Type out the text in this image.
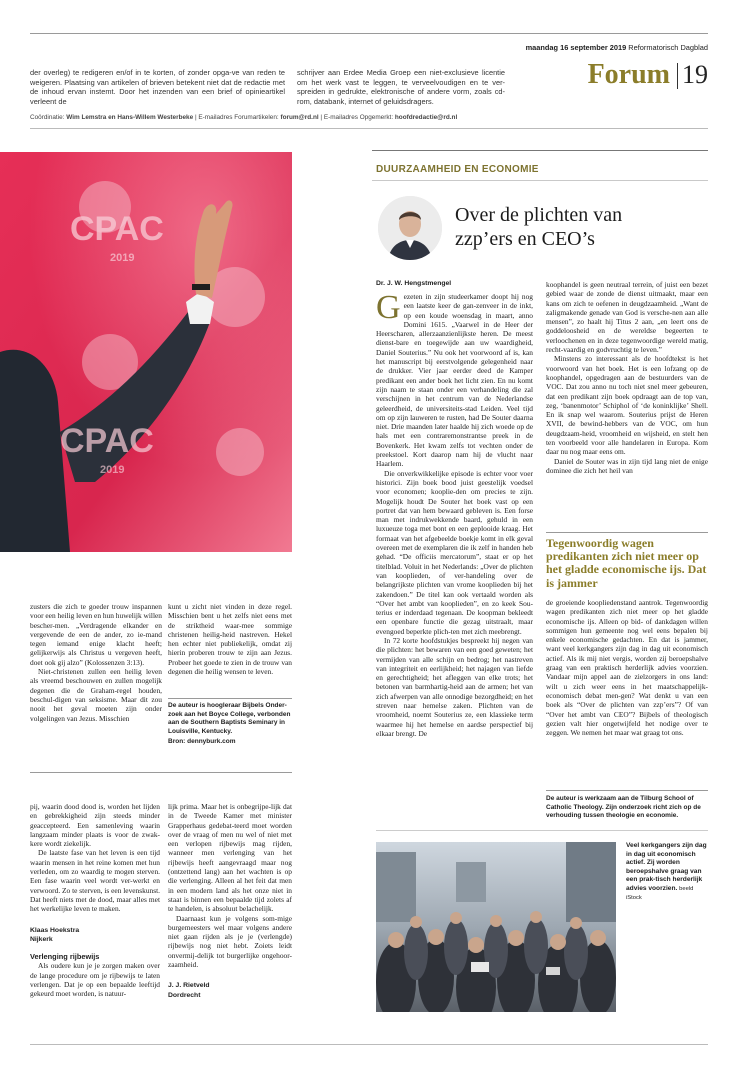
maandag 16 september 2019 Reformatorisch Dagblad
Forum 19
der overleg) te redigeren en/of in te korten, of zonder opga-ve van reden te weigeren. Plaatsing van artikelen of brieven betekent niet dat de redactie met de inhoud ervan instemt. Door het inzenden van een brief of opinieartikel verleent de
schrijver aan Erdee Media Groep een niet-exclusieve licentie om het werk vast te leggen, te verveelvoudigen en te ver-spreiden in gedrukte, elektronische of andere vorm, zoals cd-rom, databank, internet of geluidsdragers.
Coördinatie: Wim Lemstra en Hans-Willem Westerbeke | E-mailadres Forumartikelen: forum@rd.nl | E-mailadres Opgemerkt: hoofdredactie@rd.nl
CPAC
2019
CPAC
2019

zusters die zich te goeder trouw inspannen voor een heilig leven en hun huwelijk willen bescher-men. „Verdragende elkander en vergevende de een de ander, zo ie-mand tegen iemand enige klacht heeft; gelijkerwijs als Christus u vergeven heeft, doet ook gij alzo” (Kolossenzen 3:13).

Niet-christenen zullen een heilig leven als vreemd beschouwen en zullen mogelijk degenen die de Graham-regel houden, beschul-digen van seksisme. Maar dit zou nooit het geval moeten zijn onder volgelingen van Jezus. Misschien

kunt u zicht niet vinden in deze regel. Misschien bent u het zelfs niet eens met de striktheid waar-mee sommige christenen heilig-heid nastreven. Hekel hen echter niet publiekelijk, omdat zij hierin proberen trouw te zijn aan Jezus. Probeer het goede te zien in de trouw van degenen die heilig wensen te leven.

De auteur is hoogleraar Bijbels Onder-zoek aan het Boyce College, verbonden aan de Southern Baptists Seminary in Louisville, Kentucky.
Bron: dennyburk.com

pij, waarin dood dood is, worden het lijden en gebrekkigheid zijn steeds minder geaccepteerd. Een samenleving waarin langzaam minder plaats is voor de zwak-kere wordt ziekelijk.

De laatste fase van het leven is een tijd waarin mensen in het reine komen met hun verleden, om zo waardig te mogen sterven. Een fase waarin veel wordt ver-werkt en verwoord. Zo te sterven, is een levenskunst. Dat heeft niets met de dood, maar alles met het werkelijke leven te maken.

Klaas Hoekstra

Nijkerk

Verlenging rijbewijs

Als oudere kun je je zorgen maken over de lange procedure om je rijbewijs te laten verlengen. Dat je op een bepaalde leeftijd gekeurd moet worden, is natuur-

lijk prima. Maar het is onbegrijpe-lijk dat in de Tweede Kamer met minister Grapperhaus gedebat-teerd moet worden over de vraag of men nu wel of niet met een verlopen rijbewijs mag rijden, wanneer men verlenging van het rijbewijs heeft aangevraagd maar nog (ontzettend lang) aan het wachten is op die verlenging. Alleen al het feit dat men in een modern land als het onze niet in staat is binnen een bepaalde tijd zolets af te handelen, is absoluut belachelijk.

Daarnaast kun je volgens som-mige burgemeesters wel maar volgens andere niet gaan rijden als je je (verlengde) rijbewijs nog niet hebt. Zoiets leidt onvermij-delijk tot burgerlijke ongehoor-zaamheid.

J. J. Rietveld

Dordrecht

DUURZAAMHEID EN ECONOMIE
Over de plichten van
zzp’ers en CEO’s
Dr. J. W. Hengstmengel

Gezeten in zijn studeerkamer doopt hij nog een laatste keer de gan-zenveer in de inkt, op een koude woensdag in maart, anno Domini 1615. „Vaarwel in de Heer der Heerscharen, allerzaanzienlijkste heren. De meest dienst-bare en toegewijde aan uw waardigheid, Daniel Souterius.” Nu ook het voorwoord af is, kan het manuscript bij eerstvolgende gelegenheid naar de drukker. Vier jaar eerder deed de Kamper predikant een ander boek het licht zien. En nu komt zijn naam te staan onder een verhandeling die zal verschijnen in het centrum van de Nederlandse geleerdheid, de universiteits-stad Leiden. Veel tijd om op zijn lauweren te rusten, had De Souter daarna niet. Drie maanden later haalde hij zich woede op de hals met een contraremonstrantse preek in de Bovenkerk. Het kwam zelfs tot vechten onder de preekstoel. Kort daarop nam hij de vlucht naar Haarlem.

Die onverkwikkelijke episode is echter voor voer historici. Zijn boek bood juist geestelijk voedsel voor economen; kooplie-den om precies te zijn. Mogelijk houdt De Souter het boek vast op een portret dat van hem bewaard gebleven is. Een forse man met indrukwekkende baard, gehuld in een luxueuze toga met bont en een geplooide kraag. Het formaat van het afgebeelde boekje komt in elk geval overeen met de exemplaren die ik zelf in handen heb gehad. “De officiis mercatorum”, staat er op het titelblad. Voluit in het Nederlands: „Over de plichten van kooplieden, of ver-handeling over de belangrijkste plichten van vrome kooplieden bij het zakendoen.” De titel kan ook vertaald worden als “Over het ambt van kooplieden”, en zo keek Sou-terius er inderdaad tegenaan. De koopman bekleedt een openbare functie die gezag uitstraalt, maar evengoed beperkte plich-ten met zich meebrengt.

In 72 korte hoofdstukjes bespreekt hij negen van die plichten: het bewaren van een goed geweten; het vermijden van alle schijn en bedrog; het nastreven van integriteit en eerlijkheid; het najagen van liefde en gerechtigheid; het afleggen van elke trots; het betonen van barmhartig-heid aan de armen; het van zich afwerpen van alle onnodige bezorgdheid; en het streven naar hemelse zaken. Plichten van de vroomheid, noemt Souterius ze, een klassieke term waarmee hij het hemelse en aardse perspectief bij elkaar brengt. De

koophandel is geen neutraal terrein, of juist een bezet gebied waar de zonde de dienst uitmaakt, maar een kans om zich te oefenen in deugdzaamheid. „Want de zaligmakende genade van God is versche-nen aan alle mensen”, zo haalt hij Titus 2 aan, „en leert ons de goddeloosheid en de wereldse begeerten te verloochenen en in deze tegenwoordige wereld matig, recht-vaardig en godvruchtig te leven.”

Minstens zo interessant als de hoofdtekst is het voorwoord van het boek. Het is een lofzang op de koophandel, opgedragen aan de bestuurders van de VOC. Dat zou anno nu toch niet snel meer gebeuren, dat een predikant zijn boek opdraagt aan de top van, zeg, ‘banenmotor’ Schiphol of ‘de koninklijke’ Shell. En ik snap wel waarom. Souterius prijst de Heren XVII, de bewind-hebbers van de VOC, om hun deugdzaam-heid, vroomheid en wijsheid, en stelt hen ten voorbeeld voor alle handelaren in Europa. Kom daar nu nog maar eens om.

Daniel de Souter was in zijn tijd lang niet de enige dominee die zich het heil van

Tegenwoordig wagen predikanten zich niet meer op het gladde economische ijs. Dat is jammer

de groeiende koopliedenstand aantrok. Tegenwoordig wagen predikanten zich niet meer op het gladde economische ijs. Alleen op bid- of dankdagen willen sommigen hun gemeente nog wel eens bepalen bij enkele economische gedachten. En dat is jammer, want veel kerkgangers zijn dag in dag uit economisch actief. Als ik mij niet vergis, worden zij beroepshalve graag van een praktisch herderlijk advies voorzien. Vandaar mijn appel aan de zielzorgers in ons land: wilt u zich weer eens in het maatschappelijk-economisch debat men-gen? Wat denkt u van een boek als “Over de plichten van zzp’ers”? Of van “Over het ambt van CEO”? Bijbels of theologisch gezien valt hier ongetwijfeld het nodige over te zeggen. We nemen het maar wat graag tot ons.

De auteur is werkzaam aan de Tilburg School of Catholic Theology. Zijn onderzoek richt zich op de verhouding tussen theologie en economie.
Veel kerkgangers zijn dag in dag uit economisch actief. Zij worden beroepshalve graag van een prak-tisch herderlijk advies voorzien. beeld iStock
